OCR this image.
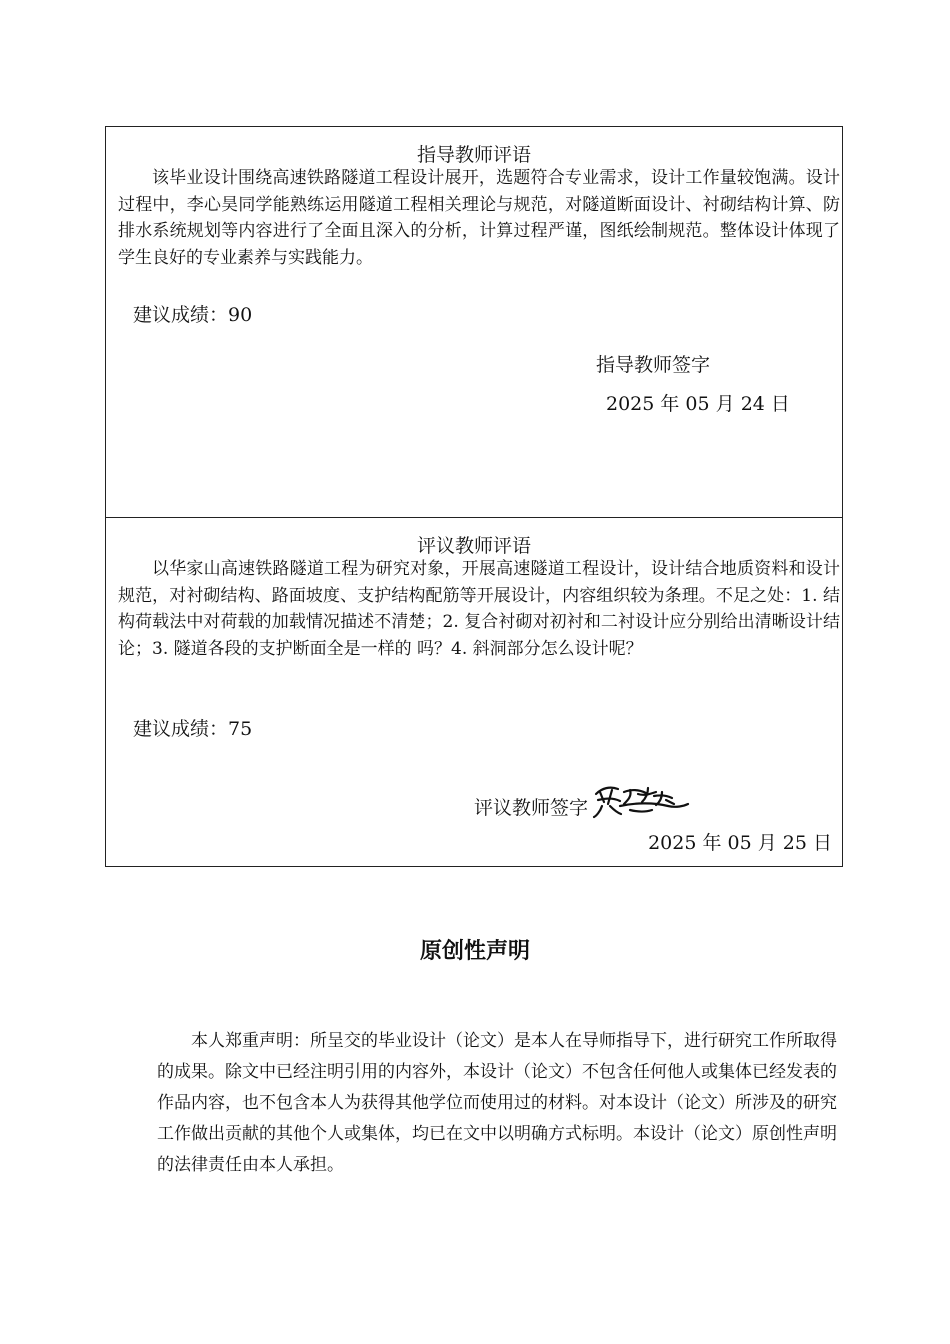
指导教师评语
该毕业设计围绕高速铁路隧道工程设计展开，选题符合专业需求，设计工作量较饱满。设计过程中，李心昊同学能熟练运用隧道工程相关理论与规范，对隧道断面设计、衬砌结构计算、防排水系统规划等内容进行了全面且深入的分析，计算过程严谨，图纸绘制规范。整体设计体现了学生良好的专业素养与实践能力。
建议成绩：90
指导教师签字
2025 年 05 月 24 日
评议教师评语
以华家山高速铁路隧道工程为研究对象，开展高速隧道工程设计，设计结合地质资料和设计规范，对衬砌结构、路面坡度、支护结构配筋等开展设计，内容组织较为条理。不足之处：1. 结构荷载法中对荷载的加载情况描述不清楚；2. 复合衬砌对初衬和二衬设计应分别给出清晰设计结论；3. 隧道各段的支护断面全是一样的 吗？4. 斜洞部分怎么设计呢？
建议成绩：75
评议教师签字
2025 年 05 月 25 日
原创性声明
本人郑重声明：所呈交的毕业设计（论文）是本人在导师指导下，进行研究工作所取得的成果。除文中已经注明引用的内容外，本设计（论文）不包含任何他人或集体已经发表的作品内容，也不包含本人为获得其他学位而使用过的材料。对本设计（论文）所涉及的研究工作做出贡献的其他个人或集体，均已在文中以明确方式标明。本设计（论文）原创性声明的法律责任由本人承担。
